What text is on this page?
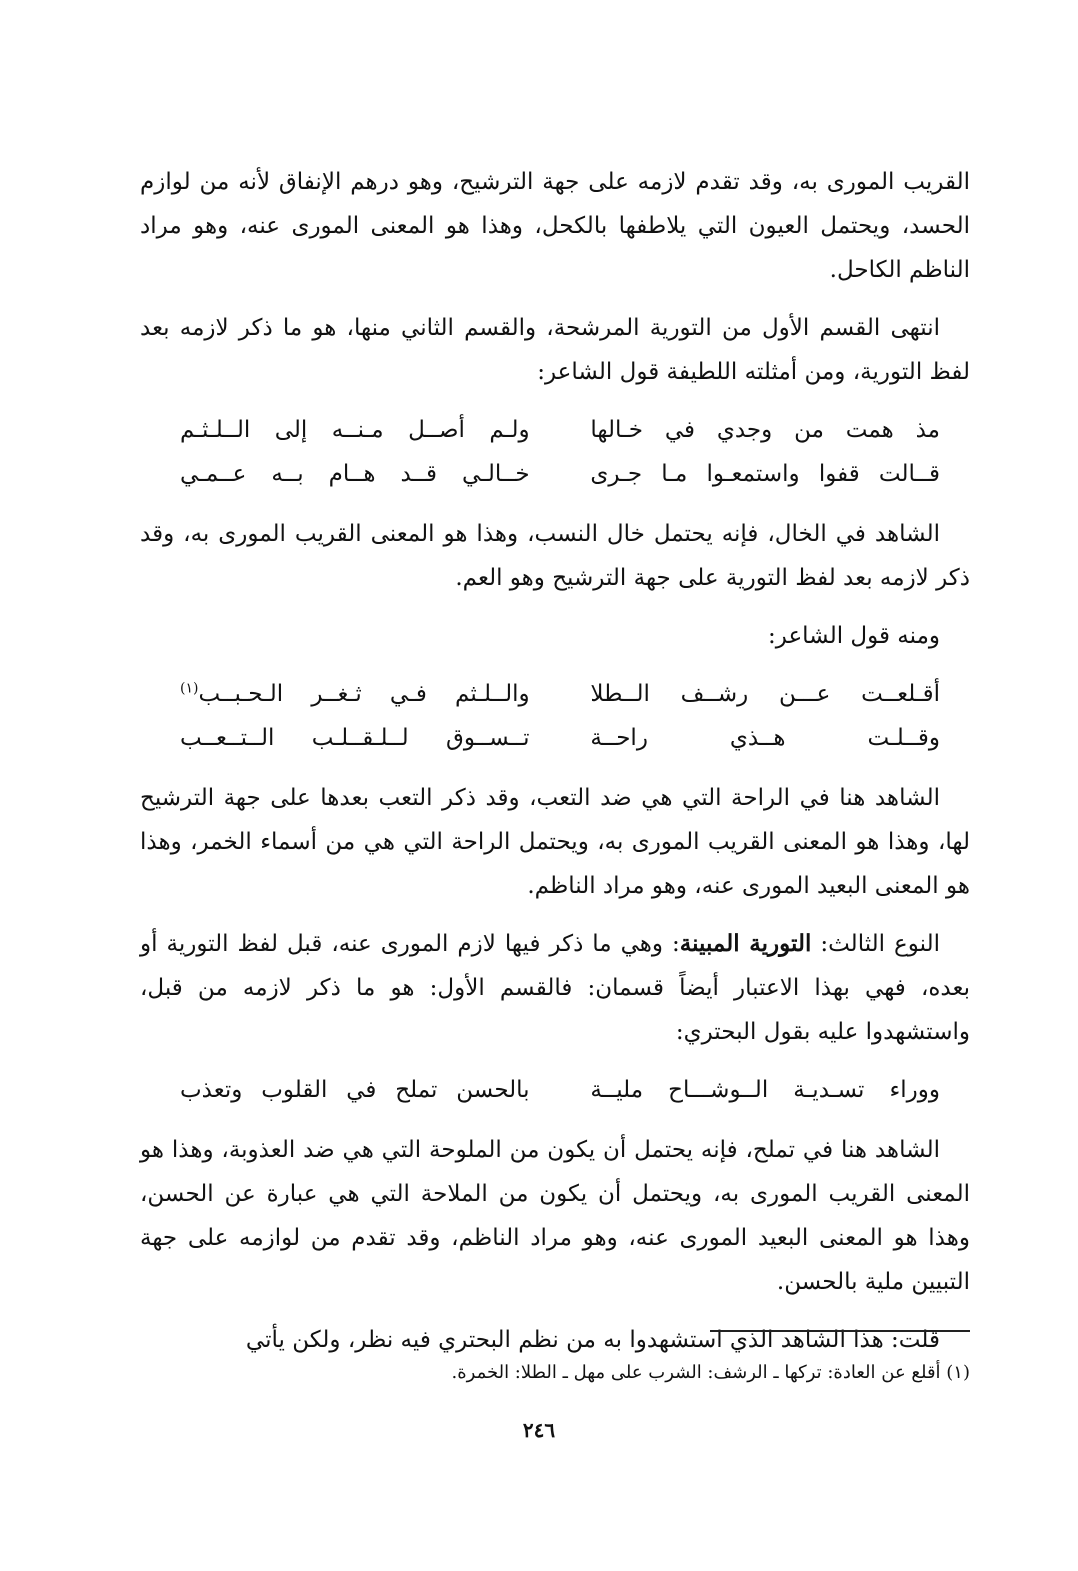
القريب المورى به، وقد تقدم لازمه على جهة الترشيح، وهو درهم الإنفاق لأنه من لوازم الحسد، ويحتمل العيون التي يلاطفها بالكحل، وهذا هو المعنى المورى عنه، وهو مراد الناظم الكاحل.

انتهى القسم الأول من التورية المرشحة، والقسم الثاني منها، هو ما ذكر لازمه بعد لفظ التورية، ومن أمثلته اللطيفة قول الشاعر:

مذ همت من وجدي في خـالها
ولـم أصــل مـنــه إلى الــلـثـم
قــالت قفوا واستمعـوا مـا جـرى
خــالـي قــد هــام بــه عــمـي

الشاهد في الخال، فإنه يحتمل خال النسب، وهذا هو المعنى القريب المورى به، وقد ذكر لازمه بعد لفظ التورية على جهة الترشيح وهو العم.

ومنه قول الشاعر:

أقـلعــت عـــن رشــف الــطلا
والــلـثم فـي ثـغــر الـحـبــب$^{(١)}$
وقــلـت هــذي راحــة
تــســوق لــلـقــلـب الــتــعــب

الشاهد هنا في الراحة التي هي ضد التعب، وقد ذكر التعب بعدها على جهة الترشيح لها، وهذا هو المعنى القريب المورى به، ويحتمل الراحة التي هي من أسماء الخمر، وهذا هو المعنى البعيد المورى عنه، وهو مراد الناظم.

النوع الثالث: التورية المبينة: وهي ما ذكر فيها لازم المورى عنه، قبل لفظ التورية أو بعده، فهي بهذا الاعتبار أيضاً قسمان: فالقسم الأول: هو ما ذكر لازمه من قبل، واستشهدوا عليه بقول البحتري:

ووراء تسـديـة الــوشـــاح مليــة
بالحسن تملح في القلوب وتعذب

الشاهد هنا في تملح، فإنه يحتمل أن يكون من الملوحة التي هي ضد العذوبة، وهذا هو المعنى القريب المورى به، ويحتمل أن يكون من الملاحة التي هي عبارة عن الحسن، وهذا هو المعنى البعيد المورى عنه، وهو مراد الناظم، وقد تقدم من لوازمه على جهة التبيين ملية بالحسن.

قلت: هذا الشاهد الذي استشهدوا به من نظم البحتري فيه نظر، ولكن يأتي

(١) أقلع عن العادة: تركها ـ الرشف: الشرب على مهل ـ الطلا: الخمرة.

٢٤٦
